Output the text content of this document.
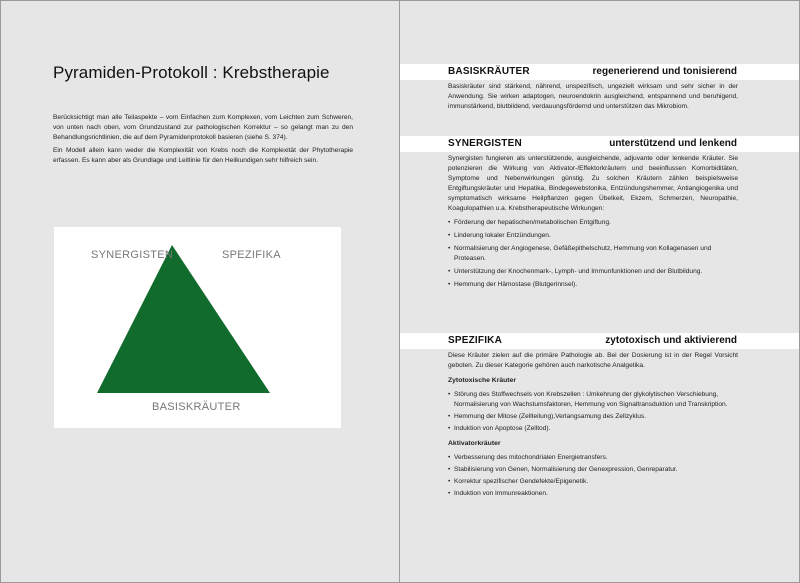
Pyramiden-Protokoll : Krebstherapie

Berücksichtigt man alle Teilaspekte – vom Einfachen zum Komplexen, vom Leichten zum Schweren, von unten nach oben, vom Grundzustand zur pathologischen Korrektur – so gelangt man zu den Behandlungsrichtlinien, die auf dem Pyramidenprotokoll basieren (siehe S. 374).

Ein Modell allein kann weder die Komplexität von Krebs noch die Komplexität der Phytotherapie erfassen. Es kann aber als Grundlage und Leitlinie für den Heilkundigen sehr hilfreich sein.

SYNERGISTEN	SPEZIFIKA
BASISKRÄUTER
BASISKRÄUTER	regenerierend und tonisierend
Basiskräuter sind stärkend, nährend, unspezifisch, ungezielt wirksam und sehr sicher in der Anwendung. Sie wirken adaptogen, neuroendokrin ausgleichend, entspannend und beruhigend, immunstärkend, blutbildend, verdauungsfördernd und unterstützen das Mikrobiom.
SYNERGISTEN	unterstützend und lenkend
Synergisten fungieren als unterstützende, ausgleichende, adjuvante oder lenkende Kräuter. Sie potenzieren die Wirkung von Aktivator-/Effektorkräutern und beeinflussen Komorbiditäten, Symptome und Nebenwirkungen günstig. Zu solchen Kräutern zählen beispielsweise Entgiftungskräuter und Hepatika, Bindegewebstonika, Entzündungshemmer, Antiangiogenika und symptomatisch wirksame Heilpflanzen gegen Übelkeit, Ekzem, Schmerzen, Neuropathie, Koagulopathien u.a. Krebstherapeutische Wirkungen:
• Förderung der hepatischen/metabolischen Entgiftung.
• Linderung lokaler Entzündungen.
• Normalisierung der Angiogenese, Gefäßepithelschutz, Hemmung von Kollagenasen und Proteasen.
• Unterstützung der Knochenmark-, Lymph- und Immunfunktionen und der Blutbildung.
• Hemmung der Hämostase (Blutgerinnsel).
SPEZIFIKA	zytotoxisch und aktivierend
Diese Kräuter zielen auf die primäre Pathologie ab. Bei der Dosierung ist in der Regel Vorsicht geboten. Zu dieser Kategorie gehören auch narkotische Analgetika.
Zytotoxische Kräuter
• Störung des Stoffwechsels von Krebszellen : Umkehrung der glykolytischen Verschiebung, Normalisierung von Wachstumsfaktoren, Hemmung von Signaltransduktion und Transkription.
• Hemmung der Mitose (Zellteilung),Verlangsamung des Zellzyklus.
• Induktion von Apoptose (Zelltod).
Aktivatorkräuter
• Verbesserung des mitochondrialen Energietransfers.
• Stabilisierung von Genen, Normalisierung der Genexpression, Genreparatur.
• Korrektur spezifischer Gendefekte/Epigenetik.
• Induktion von Immunreaktionen.
